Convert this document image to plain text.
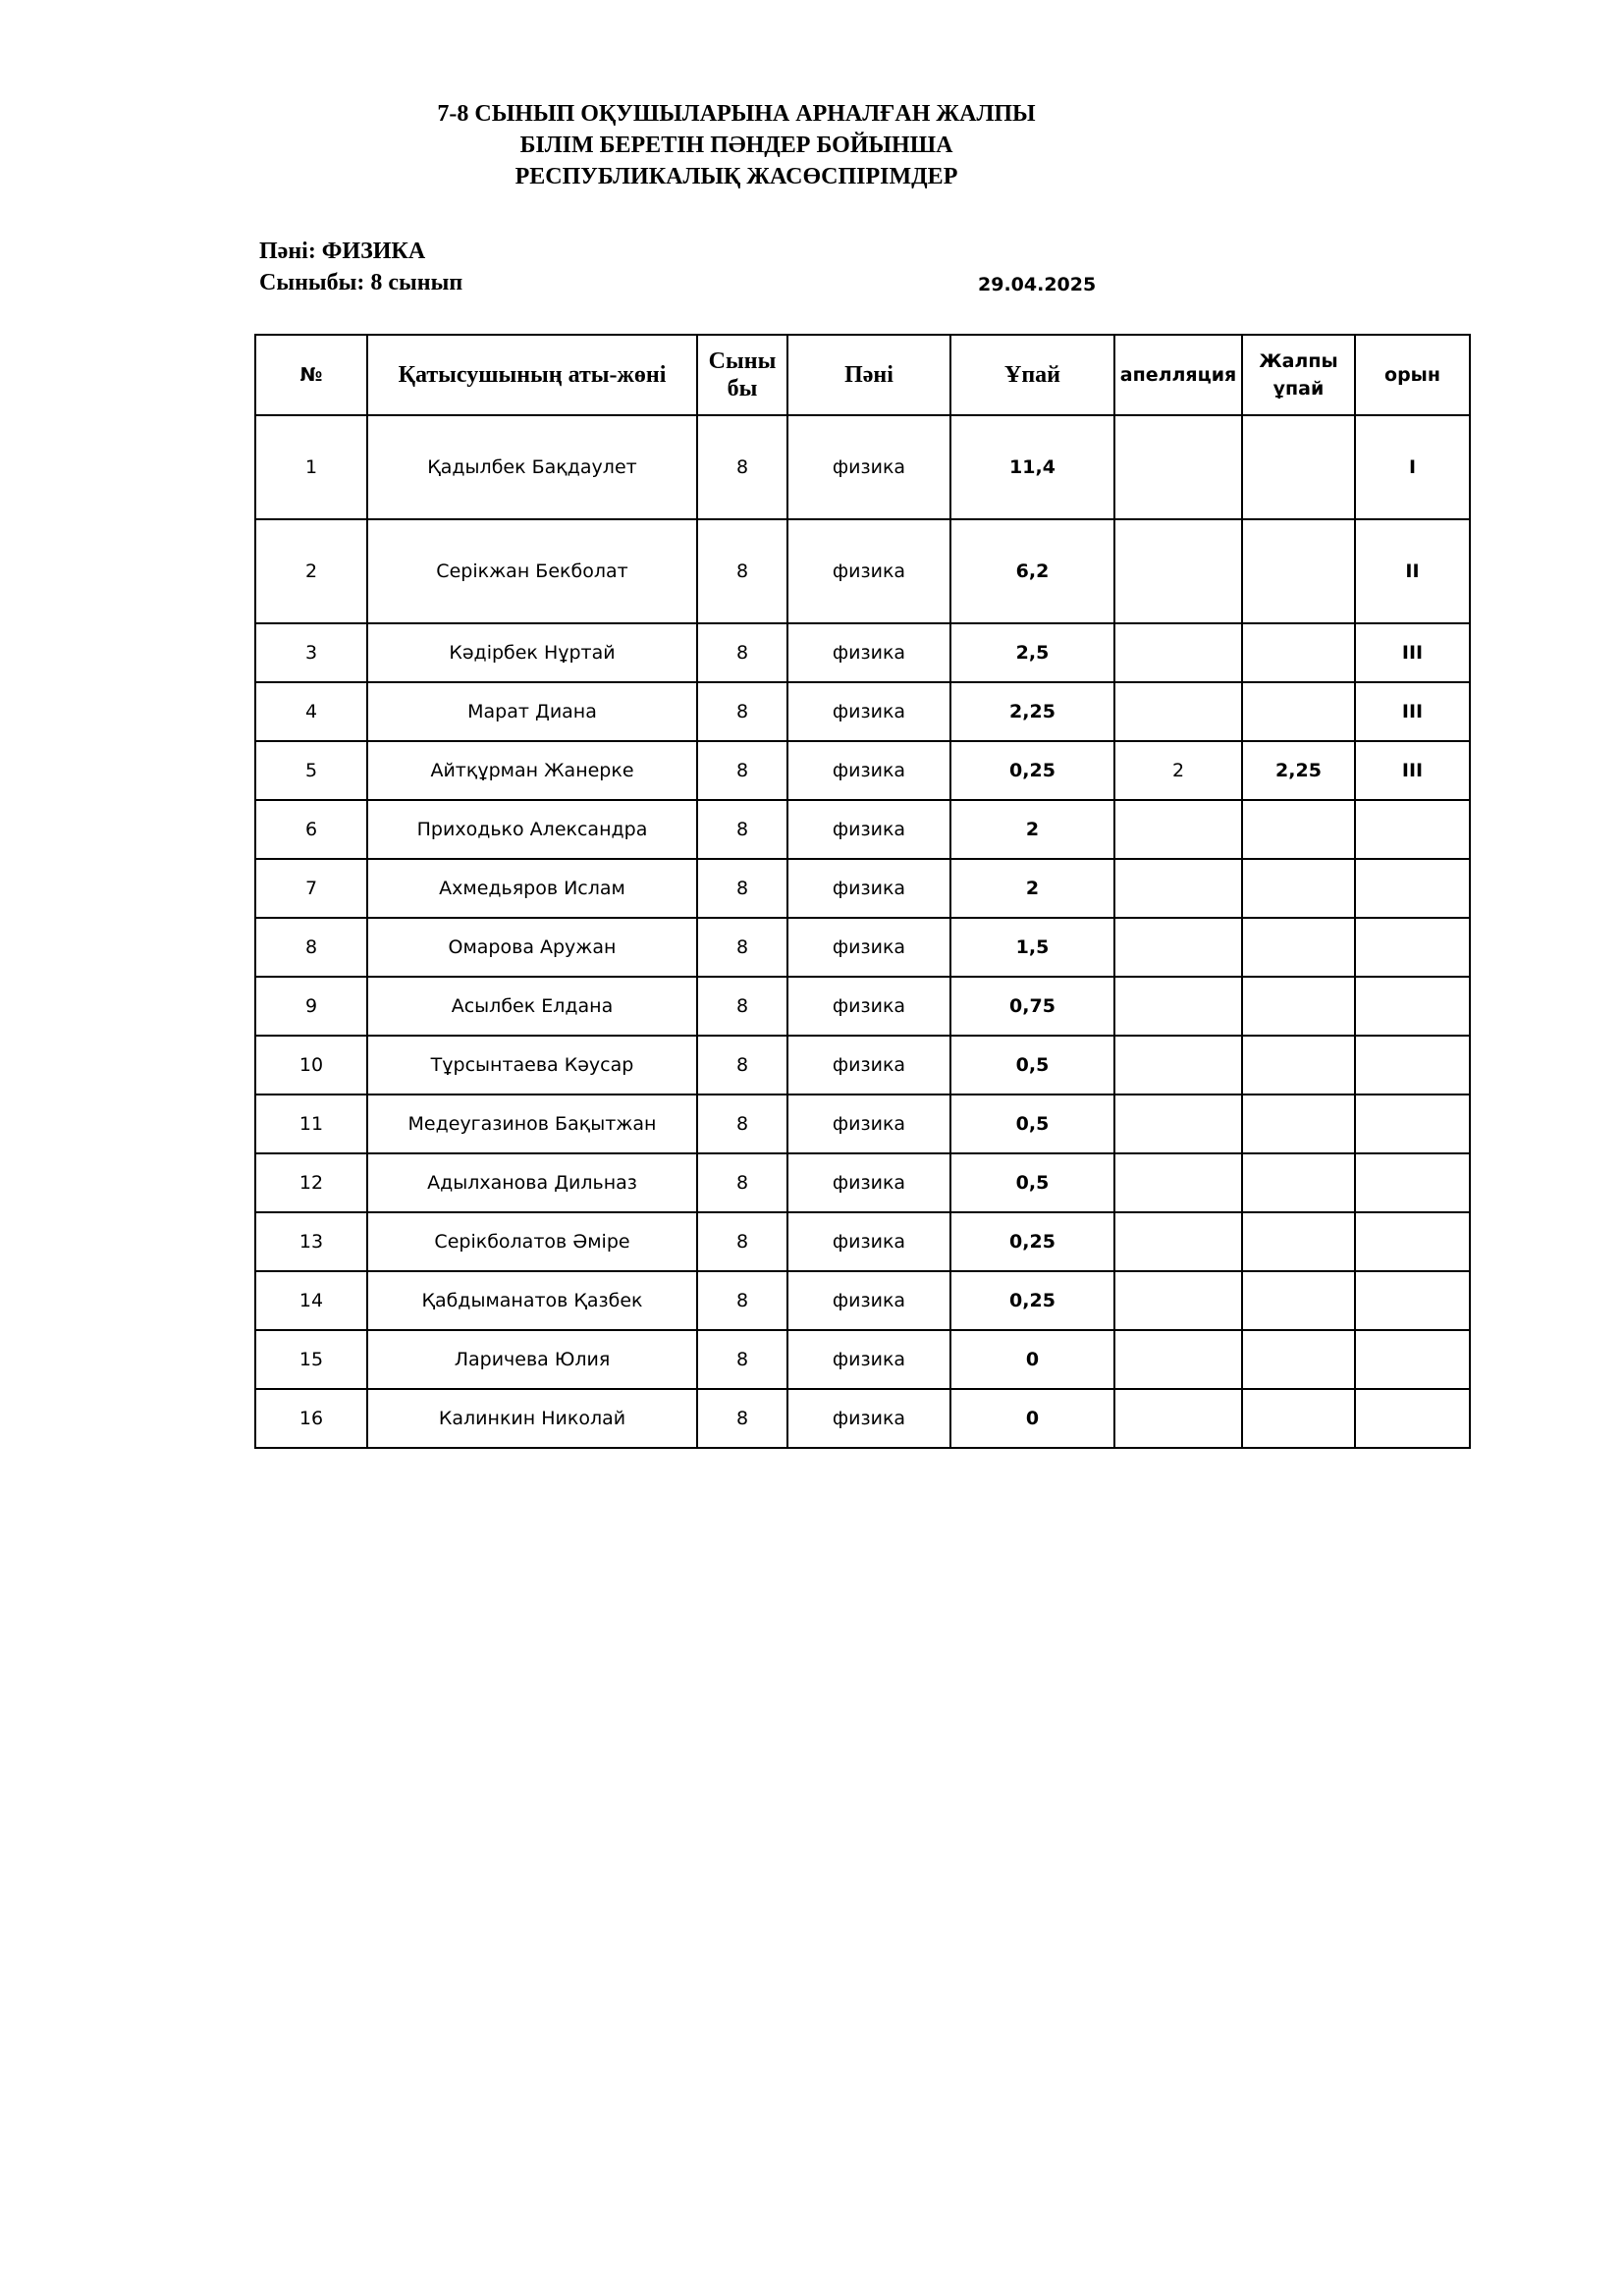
7-8 СЫНЫП ОҚУШЫЛАРЫНА АРНАЛҒАН ЖАЛПЫ
БІЛІМ БЕРЕТІН ПӘНДЕР БОЙЫНША
РЕСПУБЛИКАЛЫҚ ЖАСӨСПІРІМДЕР
Пәні: ФИЗИКА
Сыныбы: 8 сынып	29.04.2025
№	Қатысушының аты-жөні	Сыны
бы	Пәні	Ұпай	апелляция	Жалпы
ұпай	орын
1	Қадылбек Бақдаулет	8	физика	11,4			I
2	Серікжан Бекболат	8	физика	6,2			II
3	Кәдірбек Нұртай	8	физика	2,5			III
4	Марат Диана	8	физика	2,25			III
5	Айтқұрман Жанерке	8	физика	0,25	2	2,25	III
6	Приходько Александра	8	физика	2			
7	Ахмедьяров Ислам	8	физика	2			
8	Омарова Аружан	8	физика	1,5			
9	Асылбек Елдана	8	физика	0,75			
10	Тұрсынтаева Кәусар	8	физика	0,5			
11	Медеугазинов Бақытжан	8	физика	0,5			
12	Адылханова Дильназ	8	физика	0,5			
13	Серікболатов Әміре	8	физика	0,25			
14	Қабдыманатов Қазбек	8	физика	0,25			
15	Ларичева Юлия	8	физика	0			
16	Калинкин Николай	8	физика	0			
